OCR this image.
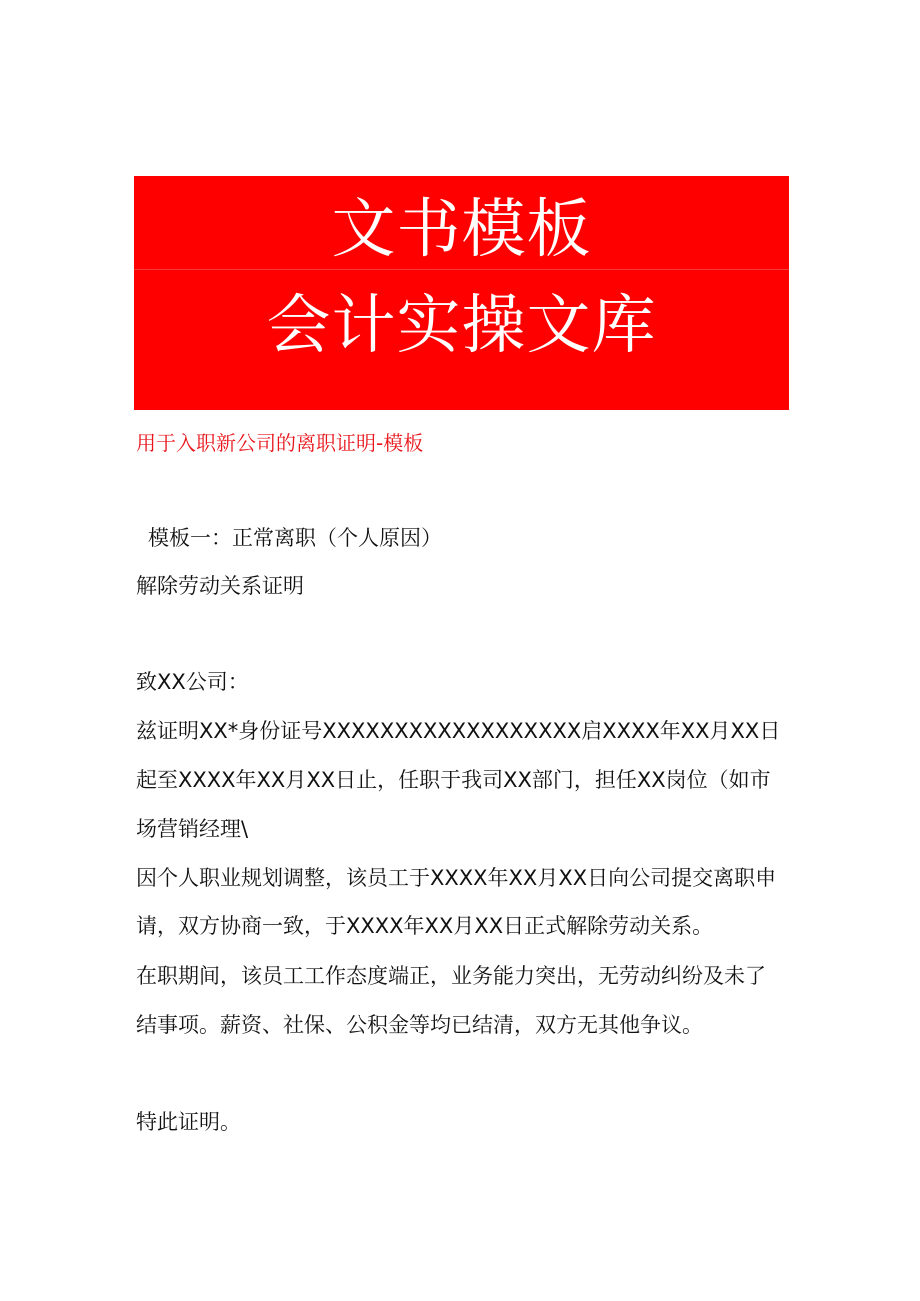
文书模板
会计实操文库
用于入职新公司的离职证明-模板
模板一：正常离职（个人原因）
解除劳动关系证明
致XX公司：
兹证明XX*身份证号XXXXXXXXXXXXXXXXXX启XXXX年XX月XX日
起至XXXX年XX月XX日止，任职于我司XX部门，担任XX岗位（如市
场营销经理\
因个人职业规划调整，该员工于XXXX年XX月XX日向公司提交离职申
请，双方协商一致，于XXXX年XX月XX日正式解除劳动关系。
在职期间，该员工工作态度端正，业务能力突出，无劳动纠纷及未了
结事项。薪资、社保、公积金等均已结清，双方无其他争议。
特此证明。
